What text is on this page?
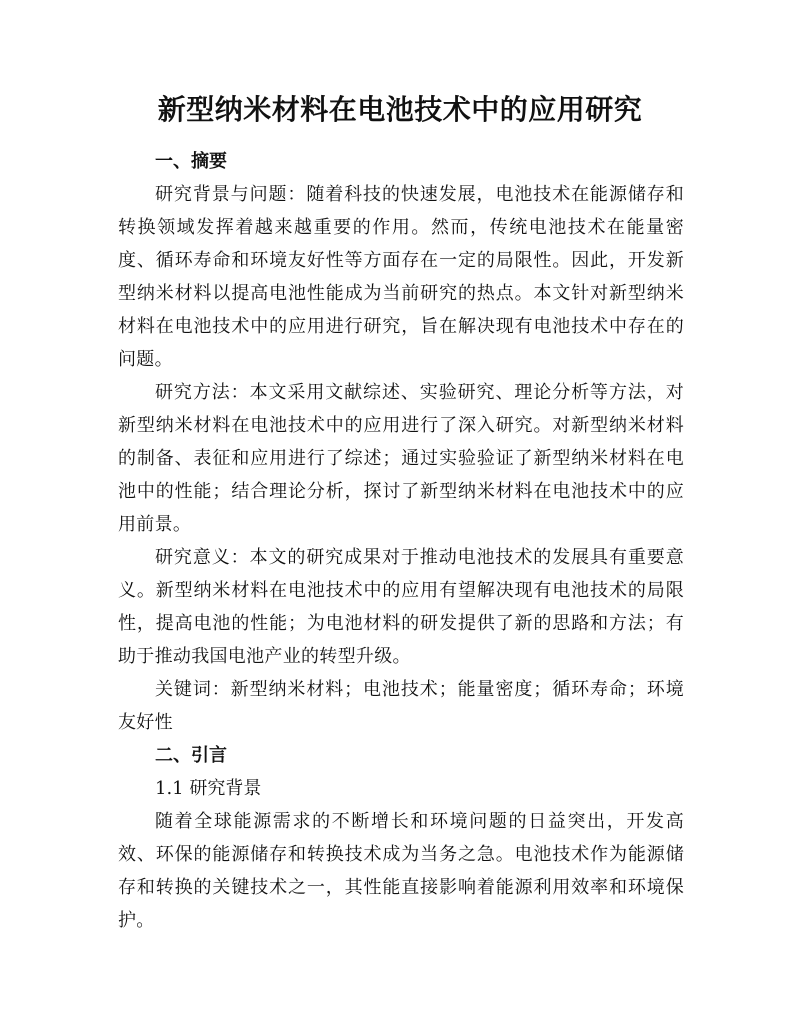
新型纳米材料在电池技术中的应用研究
一、摘要

研究背景与问题：随着科技的快速发展，电池技术在能源储存和转换领域发挥着越来越重要的作用。然而，传统电池技术在能量密度、循环寿命和环境友好性等方面存在一定的局限性。因此，开发新型纳米材料以提高电池性能成为当前研究的热点。本文针对新型纳米材料在电池技术中的应用进行研究，旨在解决现有电池技术中存在的问题。

研究方法：本文采用文献综述、实验研究、理论分析等方法，对新型纳米材料在电池技术中的应用进行了深入研究。对新型纳米材料的制备、表征和应用进行了综述；通过实验验证了新型纳米材料在电池中的性能；结合理论分析，探讨了新型纳米材料在电池技术中的应用前景。

研究意义：本文的研究成果对于推动电池技术的发展具有重要意义。新型纳米材料在电池技术中的应用有望解决现有电池技术的局限性，提高电池的性能；为电池材料的研发提供了新的思路和方法；有助于推动我国电池产业的转型升级。

关键词：新型纳米材料；电池技术；能量密度；循环寿命；环境友好性

二、引言
1.1 研究背景

随着全球能源需求的不断增长和环境问题的日益突出，开发高效、环保的能源储存和转换技术成为当务之急。电池技术作为能源储存和转换的关键技术之一，其性能直接影响着能源利用效率和环境保护。
